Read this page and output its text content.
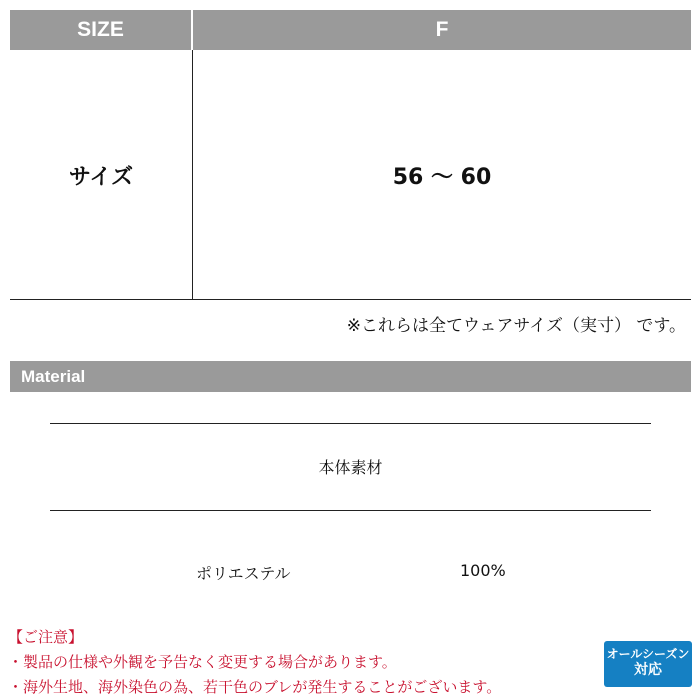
SIZE	F
サイズ	56 〜 60
※これらは全てウェアサイズ（実寸） です。
Material
本体素材
ポリエステル	100%
【ご注意】
・製品の仕様や外観を予告なく変更する場合があります。
・海外生地、海外染色の為、若干色のブレが発生することがございます。
オールシーズン
対応
